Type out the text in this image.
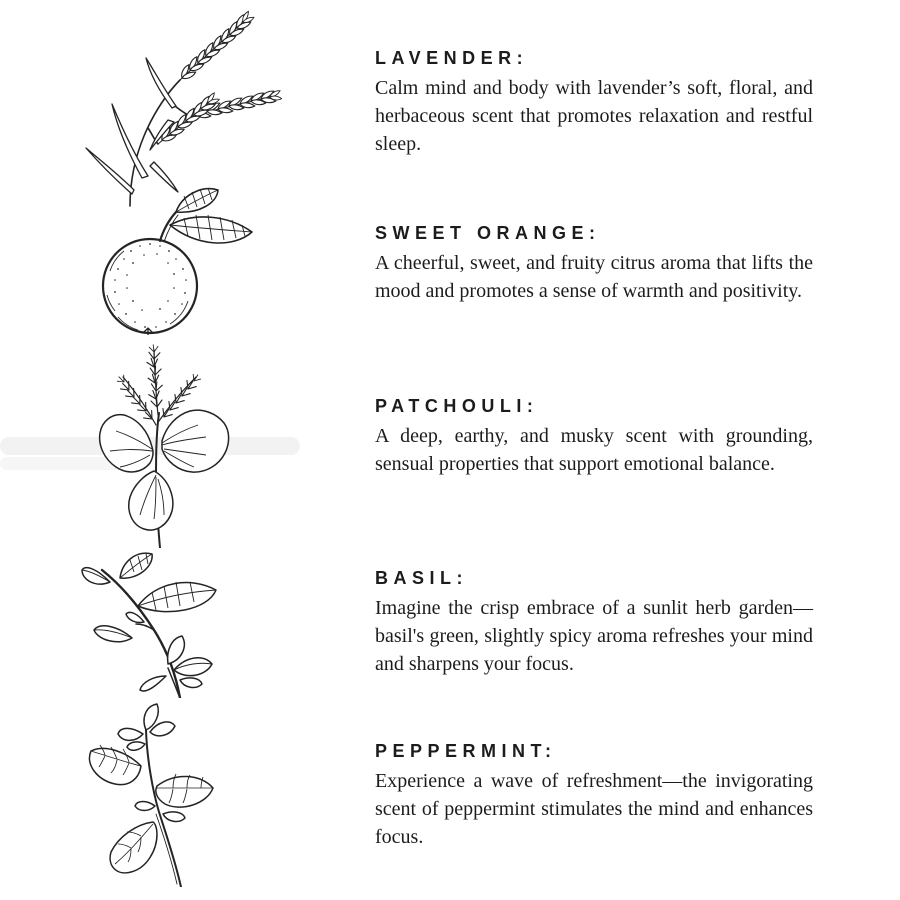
LAVENDER:

Calm mind and body with lavender’s soft, floral, and herbaceous scent that promotes relaxation and restful sleep.

SWEET ORANGE:

A cheerful, sweet, and fruity citrus aroma that lifts the mood and promotes a sense of warmth and positivity.

PATCHOULI:

A deep, earthy, and musky scent with grounding, sensual properties that support emotional balance.

BASIL:

Imagine the crisp embrace of a sunlit herb garden—basil's green, slightly spicy aroma refreshes your mind and sharpens your focus.

PEPPERMINT:

Experience a wave of refreshment—the invigorating scent of peppermint stimulates the mind and enhances focus.
